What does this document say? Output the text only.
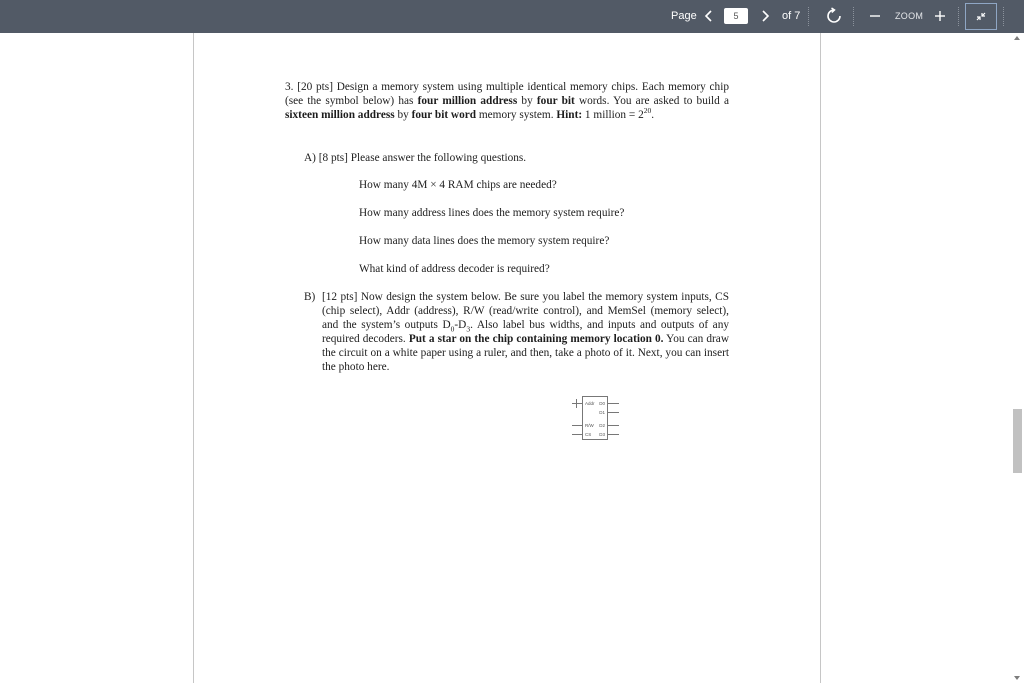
Page
5	of 7	ZOOM
3. [20 pts] Design a memory system using multiple identical memory chips. Each memory chip (see the symbol below) has four million address by four bit words. You are asked to build a sixteen million address by four bit word memory system. Hint: 1 million = $2^{20}$.
A) [8 pts] Please answer the following questions.
How many 4M × 4 RAM chips are needed?
How many address lines does the memory system require?
How many data lines does the memory system require?
What kind of address decoder is required?
B) [12 pts] Now design the system below. Be sure you label the memory system inputs, CS (chip select), Addr (address), R/W (read/write control), and MemSel (memory select), and the system’s outputs $D_0-D_3$. Also label bus widths, and inputs and outputs of any required decoders. Put a star on the chip containing memory location 0. You can draw the circuit on a white paper using a ruler, and then, take a photo of it. Next, you can insert the photo here.
Addr
R/W
CS
D0
D1
D2
D3
